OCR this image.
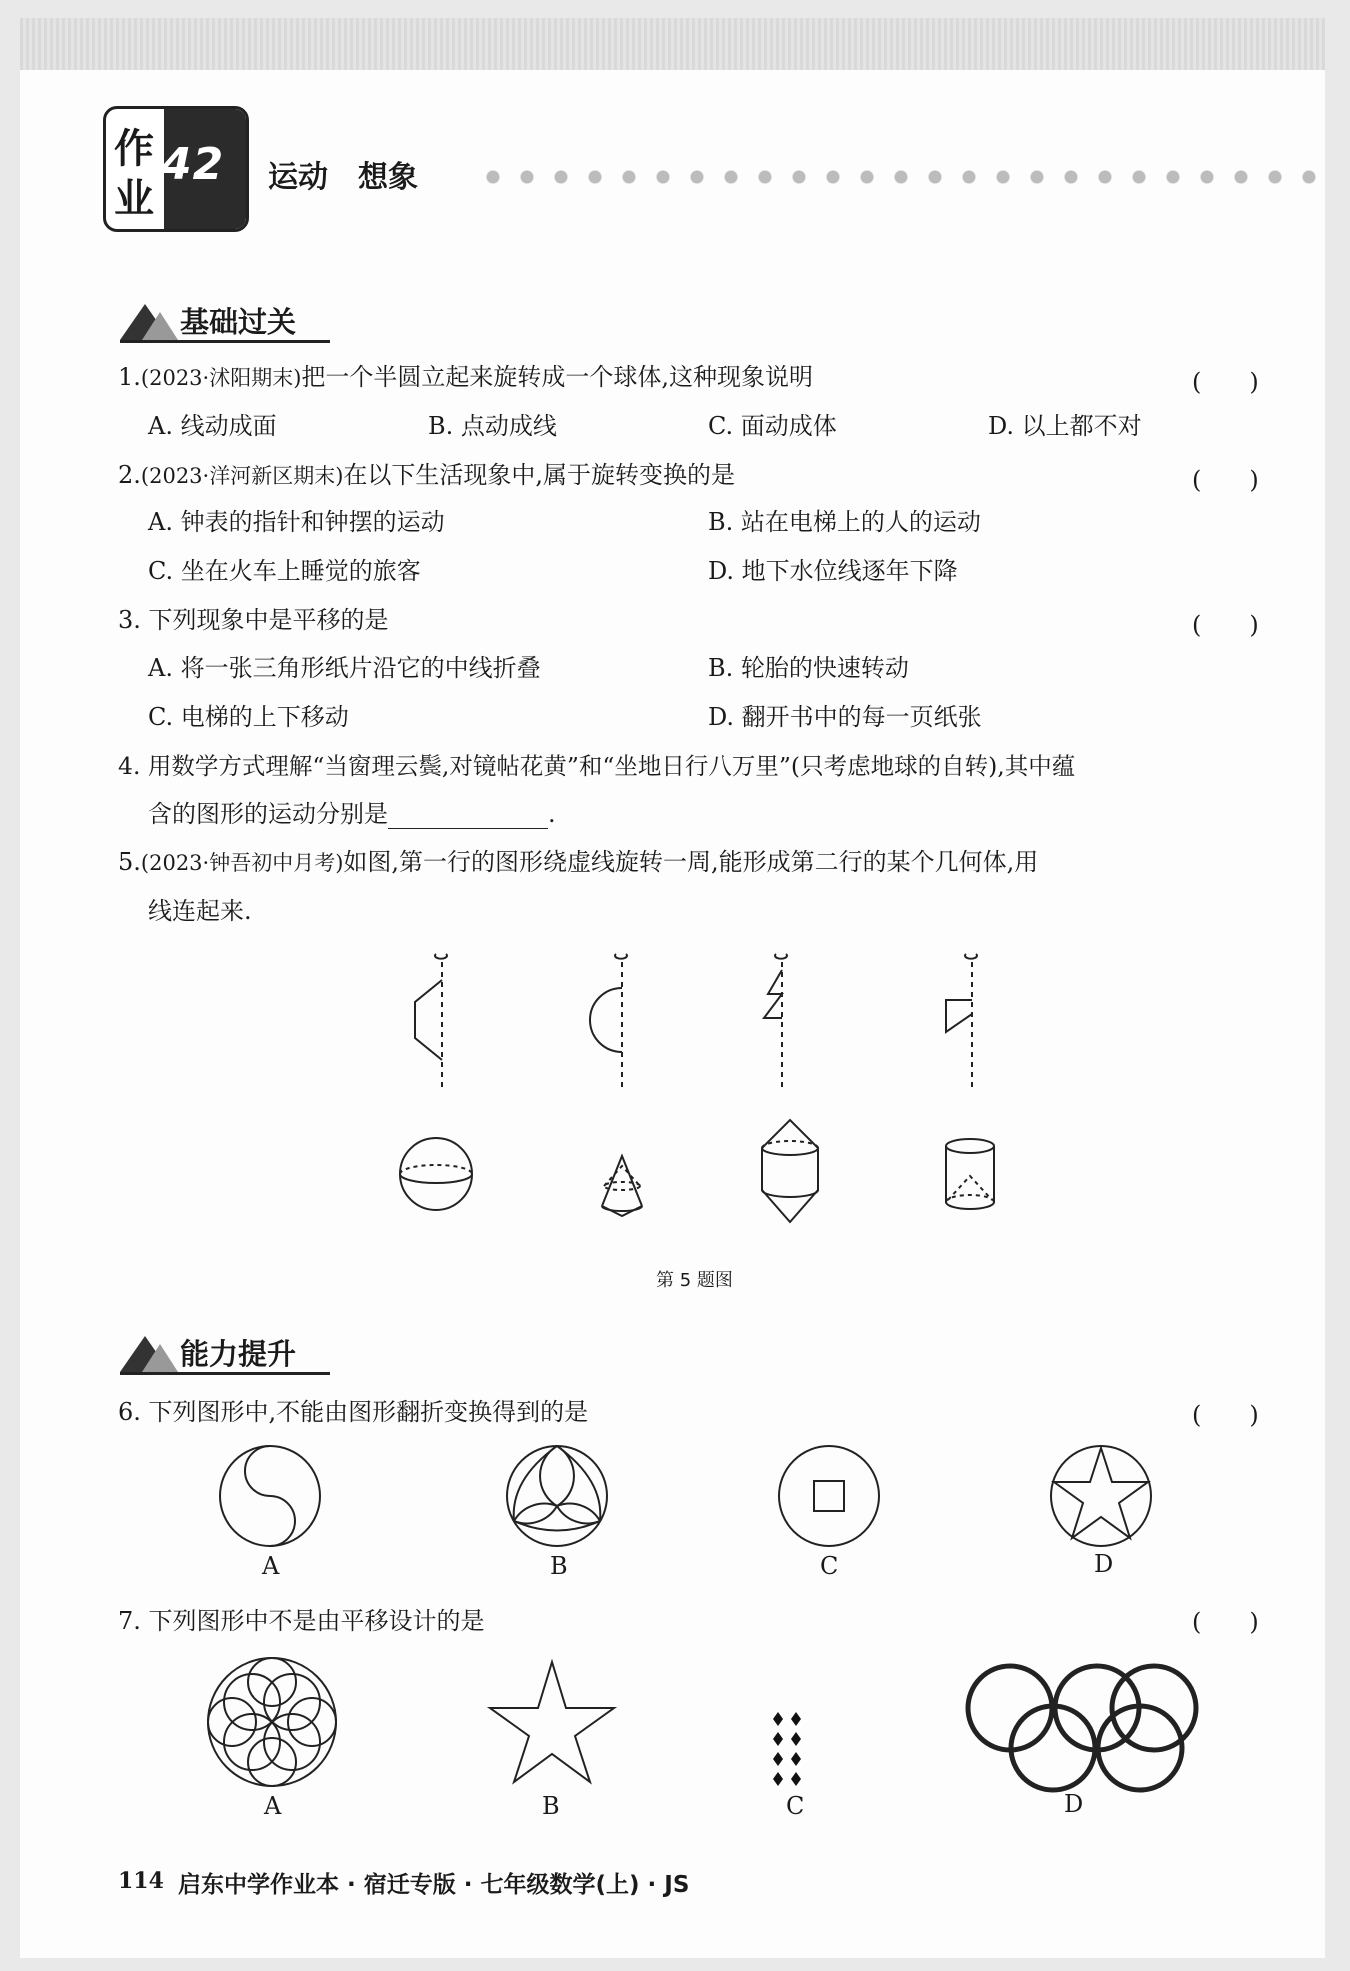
作
业
42 运动　想象
基础过关
1.(2023·沭阳期末)把一个半圆立起来旋转成一个球体,这种现象说明	(　　)
A. 线动成面	B. 点动成线	C. 面动成体	D. 以上都不对
2.(2023·洋河新区期末)在以下生活现象中,属于旋转变换的是	(　　)
A. 钟表的指针和钟摆的运动	B. 站在电梯上的人的运动
C. 坐在火车上睡觉的旅客	D. 地下水位线逐年下降
3. 下列现象中是平移的是	(　　)
A. 将一张三角形纸片沿它的中线折叠	B. 轮胎的快速转动
C. 电梯的上下移动	D. 翻开书中的每一页纸张
4. 用数学方式理解“当窗理云鬓,对镜帖花黄”和“坐地日行八万里”(只考虑地球的自转),其中蕴
含的图形的运动分别是	.
5.(2023·钟吾初中月考)如图,第一行的图形绕虚线旋转一周,能形成第二行的某个几何体,用
线连起来.
第 5 题图
能力提升
6. 下列图形中,不能由图形翻折变换得到的是	(　　)
A	B	C	D
7. 下列图形中不是由平移设计的是	(　　)
A	B	C	D
114 启东中学作业本 · 宿迁专版 · 七年级数学(上) · JS
